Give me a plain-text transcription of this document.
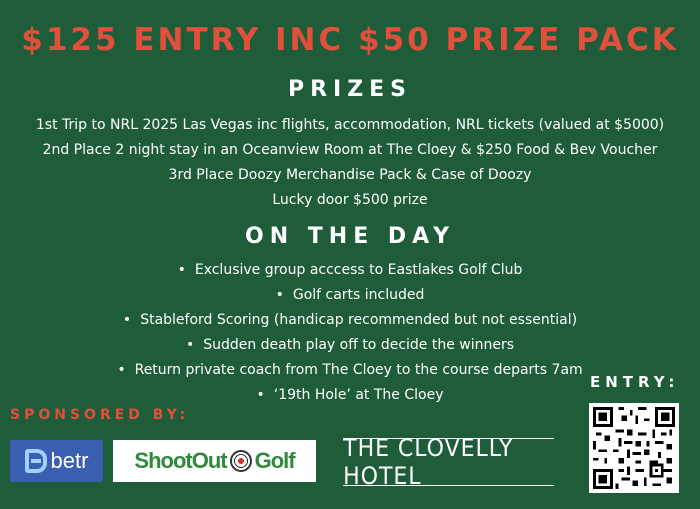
$125 ENTRY INC $50 PRIZE PACK
PRIZES
1st Trip to NRL 2025 Las Vegas inc flights, accommodation, NRL tickets (valued at $5000)
2nd Place 2 night stay in an Oceanview Room at The Cloey & $250 Food & Bev Voucher
3rd Place Doozy Merchandise Pack & Case of Doozy
Lucky door $500 prize
ON THE DAY
• Exclusive group acccess to Eastlakes Golf Club
• Golf carts included
• Stableford Scoring (handicap recommended but not essential)
• Sudden death play off to decide the winners
• Return private coach from The Cloey to the course departs 7am
• ‘19th Hole’ at The Cloey
SPONSORED BY:
betr ShootOut Golf THE CLOVELLY HOTEL
ENTRY:
